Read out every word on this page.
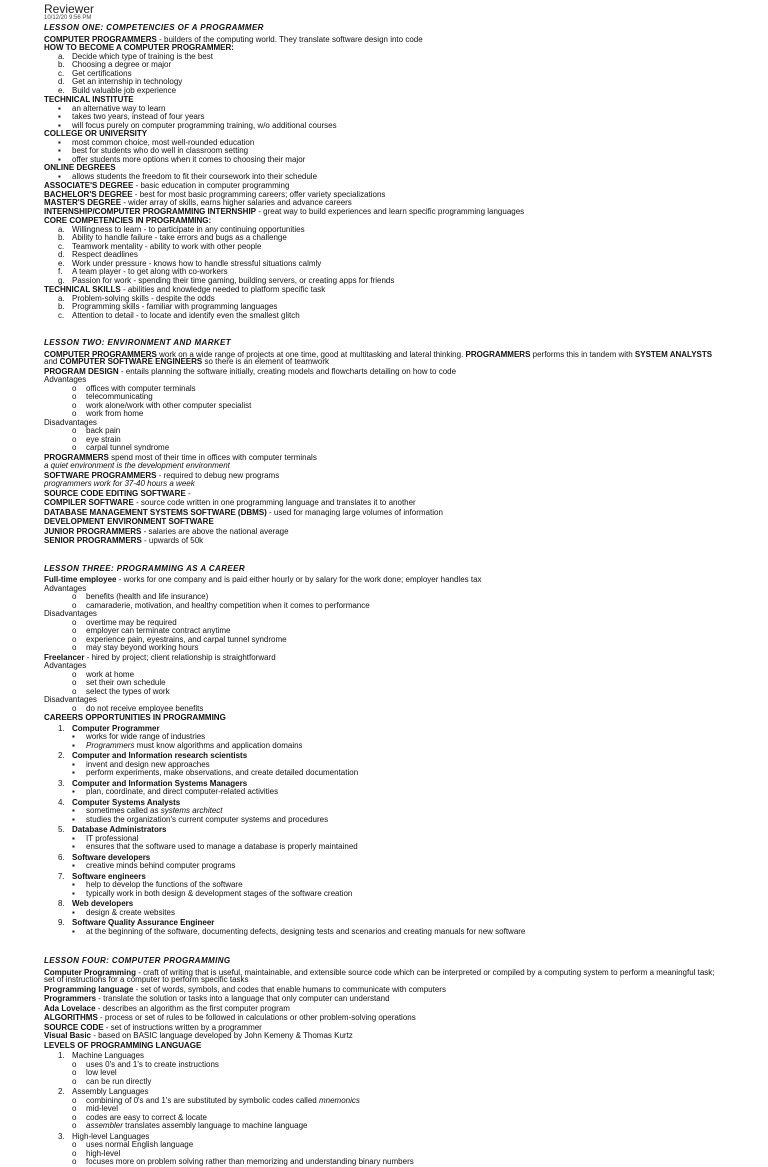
Reviewer
10/12/20 9:56 PM
LESSON ONE: COMPETENCIES OF A PROGRAMMER
COMPUTER PROGRAMMERS - builders of the computing world. They translate software design into code
HOW TO BECOME A COMPUTER PROGRAMMER:
a. Decide which type of training is the best
b. Choosing a degree or major
c. Get certifications
d. Get an internship in technology
e. Build valuable job experience
TECHNICAL INSTITUTE
▪ an alternative way to learn
▪ takes two years, instead of four years
▪ will focus purely on computer programming training, w/o additional courses
COLLEGE OR UNIVERSITY
▪ most common choice, most well-rounded education
▪ best for students who do well in classroom setting
▪ offer students more options when it comes to choosing their major
ONLINE DEGREES
▪ allows students the freedom to fit their coursework into their schedule
ASSOCIATE'S DEGREE - basic education in computer programming
BACHELOR'S DEGREE - best for most basic programming careers; offer variety specializations
MASTER'S DEGREE - wider array of skills, earns higher salaries and advance careers
INTERNSHIP/COMPUTER PROGRAMMING INTERNSHIP - great way to build experiences and learn specific programming languages
CORE COMPETENCIES IN PROGRAMMING:
a. Willingness to learn - to participate in any continuing opportunities
b. Ability to handle failure - take errors and bugs as a challenge
c. Teamwork mentality - ability to work with other people
d. Respect deadlines
e. Work under pressure - knows how to handle stressful situations calmly
f. A team player - to get along with co-workers
g. Passion for work - spending their time gaming, building servers, or creating apps for friends
TECHNICAL SKILLS - abilities and knowledge needed to platform specific task
a. Problem-solving skills - despite the odds
b. Programming skills - familiar with programming languages
c. Attention to detail - to locate and identify even the smallest glitch
LESSON TWO: ENVIRONMENT AND MARKET
COMPUTER PROGRAMMERS work on a wide range of projects at one time, good at multitasking and lateral thinking. PROGRAMMERS performs this in tandem with SYSTEM ANALYSTS and COMPUTER SOFTWARE ENGINEERS so there is an element of teamwork
PROGRAM DESIGN - entails planning the software initially, creating models and flowcharts detailing on how to code
Advantages
o offices with computer terminals
o telecommunicating
o work alone/work with other computer specialist
o work from home
Disadvantages
o back pain
o eye strain
o carpal tunnel syndrome
PROGRAMMERS spend most of their time in offices with computer terminals
a quiet environment is the development environment
SOFTWARE PROGRAMMERS - required to debug new programs
programmers work for 37-40 hours a week
SOURCE CODE EDITING SOFTWARE -
COMPILER SOFTWARE - source code written in one programming language and translates it to another
DATABASE MANAGEMENT SYSTEMS SOFTWARE (DBMS) - used for managing large volumes of information
DEVELOPMENT ENVIRONMENT SOFTWARE
JUNIOR PROGRAMMERS - salaries are above the national average
SENIOR PROGRAMMERS - upwards of 50k
LESSON THREE: PROGRAMMING AS A CAREER
Full-time employee - works for one company and is paid either hourly or by salary for the work done; employer handles tax
Advantages
o benefits (health and life insurance)
o camaraderie, motivation, and healthy competition when it comes to performance
Disadvantages
o overtime may be required
o employer can terminate contract anytime
o experience pain, eyestrains, and carpal tunnel syndrome
o may stay beyond working hours
Freelancer - hired by project; client relationship is straightforward
Advantages
o work at home
o set their own schedule
o select the types of work
Disadvantages
o do not receive employee benefits
CAREERS OPPORTUNITIES IN PROGRAMMING
1. Computer Programmer
▪ works for wide range of industries
▪ Programmers must know algorithms and application domains
2. Computer and Information research scientists
▪ invent and design new approaches
▪ perform experiments, make observations, and create detailed documentation
3. Computer and Information Systems Managers
▪ plan, coordinate, and direct computer-related activities
4. Computer Systems Analysts
▪ sometimes called as systems architect
▪ studies the organization's current computer systems and procedures
5. Database Administrators
▪ IT professional
▪ ensures that the software used to manage a database is properly maintained
6. Software developers
▪ creative minds behind computer programs
7. Software engineers
▪ help to develop the functions of the software
▪ typically work in both design & development stages of the software creation
8. Web developers
▪ design & create websites
9. Software Quality Assurance Engineer
▪ at the beginning of the software, documenting defects, designing tests and scenarios and creating manuals for new software
LESSON FOUR: COMPUTER PROGRAMMING
Computer Programming - craft of writing that is useful, maintainable, and extensible source code which can be interpreted or compiled by a computing system to perform a meaningful task; set of instructions for a computer to perform specific tasks
Programming language - set of words, symbols, and codes that enable humans to communicate with computers
Programmers - translate the solution or tasks into a language that only computer can understand
Ada Lovelace - describes an algorithm as the first computer program
ALGORITHMS - process or set of rules to be followed in calculations or other problem-solving operations
SOURCE CODE - set of instructions written by a programmer
Visual Basic - based on BASIC language developed by John Kemeny & Thomas Kurtz
LEVELS OF PROGRAMMING LANGUAGE
1. Machine Languages
o uses 0's and 1's to create instructions
o low level
o can be run directly
2. Assembly Languages
o combining of 0's and 1's are substituted by symbolic codes called mnemonics
o mid-level
o codes are easy to correct & locate
o assembler translates assembly language to machine language
3. High-level Languages
o uses normal English language
o high-level
o focuses more on problem solving rather than memorizing and understanding binary numbers
